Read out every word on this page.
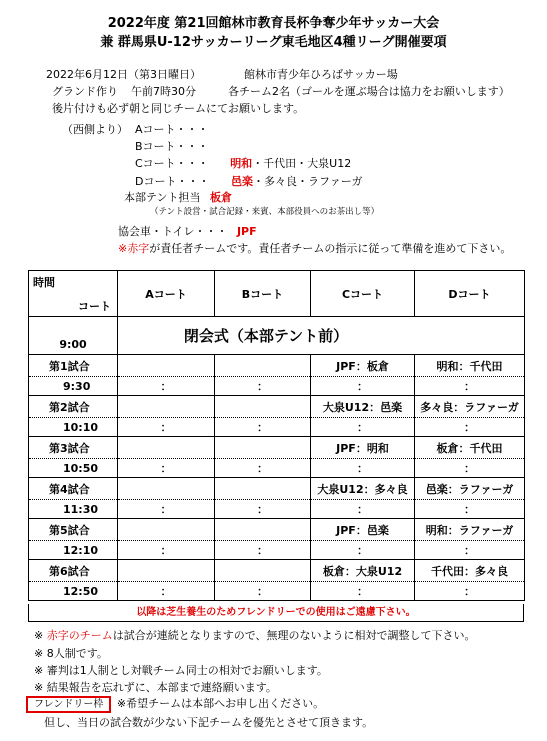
2022年度 第21回館林市教育長杯争奪少年サッカー大会
兼 群馬県U-12サッカーリーグ東毛地区4種リーグ開催要項
2022年6月12日（第3日曜日）	館林市青少年ひろばサッカー場
グランド作り 午前7時30分	各チーム2名（ゴールを運ぶ場合は協力をお願いします）
後片付けも必ず朝と同じチームにてお願いします。
（西側より） Aコート・・・
Bコート・・・
Cコート・・・ 明和・千代田・大泉U12
Dコート・・・ 邑楽・多々良・ラファーガ
本部テント担当 板倉
（テント設営・試合記録・来賓、本部役員へのお茶出し等）
協会車・トイレ・・・ JPF
※赤字が責任者チームです。責任者チームの指示に従って準備を進めて下さい。
コート
時間	Aコート	Bコート	Cコート	Dコート
9:00	閉会式（本部テント前）			
第1試合			JPF：板倉	明和：千代田
9:30	：	：	：	：
第2試合			大泉U12：邑楽	多々良：ラファーガ
10:10	：	：	：	：
第3試合			JPF：明和	板倉：千代田
10:50	：	：	：	：
第4試合			大泉U12：多々良	邑楽：ラファーガ
11:30	：	：	：	：
第5試合			JPF：邑楽	明和：ラファーガ
12:10	：	：	：	：
第6試合			板倉：大泉U12	千代田：多々良
12:50	：	：	：	：
以降は芝生養生のためフレンドリーでの使用はご遠慮下さい。
※ 赤字のチームは試合が連続となりますので、無理のないように相対で調整して下さい。
※ 8人制です。
※ 審判は1人制とし対戦チーム同士の相対でお願いします。
※ 結果報告を忘れずに、本部まで連絡願います。
フレンドリー枠 ※希望チームは本部へお申し出ください。
但し、当日の試合数が少ない下記チームを優先とさせて頂きます。
